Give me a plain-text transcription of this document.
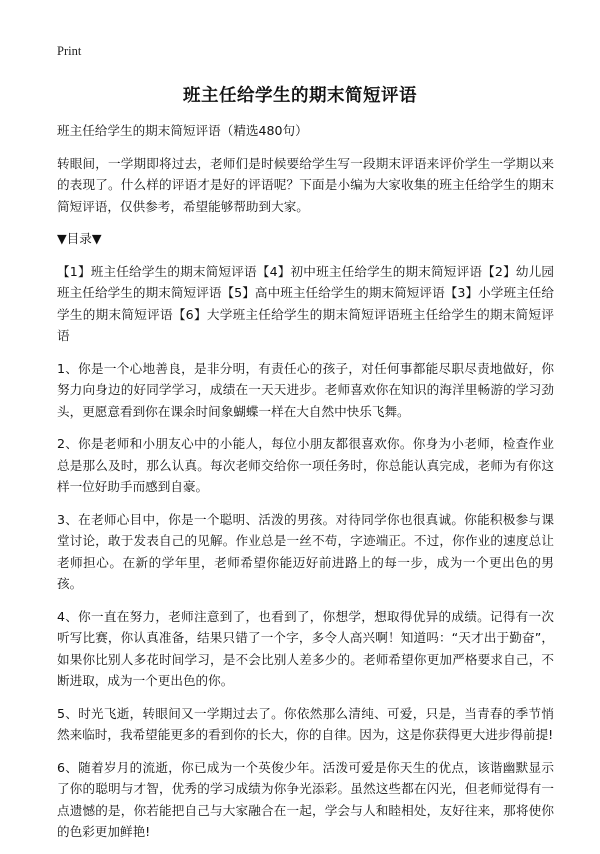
Print
班主任给学生的期末简短评语

班主任给学生的期末简短评语（精选480句）

转眼间，一学期即将过去，老师们是时候要给学生写一段期末评语来评价学生一学期以来的表现了。什么样的评语才是好的评语呢？下面是小编为大家收集的班主任给学生的期末简短评语，仅供参考，希望能够帮助到大家。

▼目录▼

【1】班主任给学生的期末简短评语【4】初中班主任给学生的期末简短评语【2】幼儿园班主任给学生的期末简短评语【5】高中班主任给学生的期末简短评语【3】小学班主任给学生的期末简短评语【6】大学班主任给学生的期末简短评语班主任给学生的期末简短评语

1、你是一个心地善良，是非分明，有责任心的孩子，对任何事都能尽职尽责地做好，你努力向身边的好同学学习，成绩在一天天进步。老师喜欢你在知识的海洋里畅游的学习劲头，更愿意看到你在课余时间象蝴蝶一样在大自然中快乐飞舞。

2、你是老师和小朋友心中的小能人，每位小朋友都很喜欢你。你身为小老师，检查作业总是那么及时，那么认真。每次老师交给你一项任务时，你总能认真完成，老师为有你这样一位好助手而感到自豪。

3、在老师心目中，你是一个聪明、活泼的男孩。对待同学你也很真诚。你能积极参与课堂讨论，敢于发表自己的见解。作业总是一丝不苟，字迹端正。不过，你作业的速度总让老师担心。在新的学年里，老师希望你能迈好前进路上的每一步，成为一个更出色的男孩。

4、你一直在努力，老师注意到了，也看到了，你想学，想取得优异的成绩。记得有一次听写比赛，你认真准备，结果只错了一个字，多令人高兴啊！知道吗：“天才出于勤奋”，如果你比别人多花时间学习，是不会比别人差多少的。老师希望你更加严格要求自己，不断进取，成为一个更出色的你。

5、时光飞逝，转眼间又一学期过去了。你依然那么清纯、可爱，只是，当青春的季节悄然来临时，我希望能更多的看到你的长大，你的自律。因为，这是你获得更大进步得前提!

6、随着岁月的流逝，你已成为一个英俊少年。活泼可爱是你天生的优点，该谐幽默显示了你的聪明与才智，优秀的学习成绩为你争光添彩。虽然这些都在闪光，但老师觉得有一点遗憾的是，你若能把自己与大家融合在一起，学会与人和睦相处，友好往来，那将使你的色彩更加鲜艳!
